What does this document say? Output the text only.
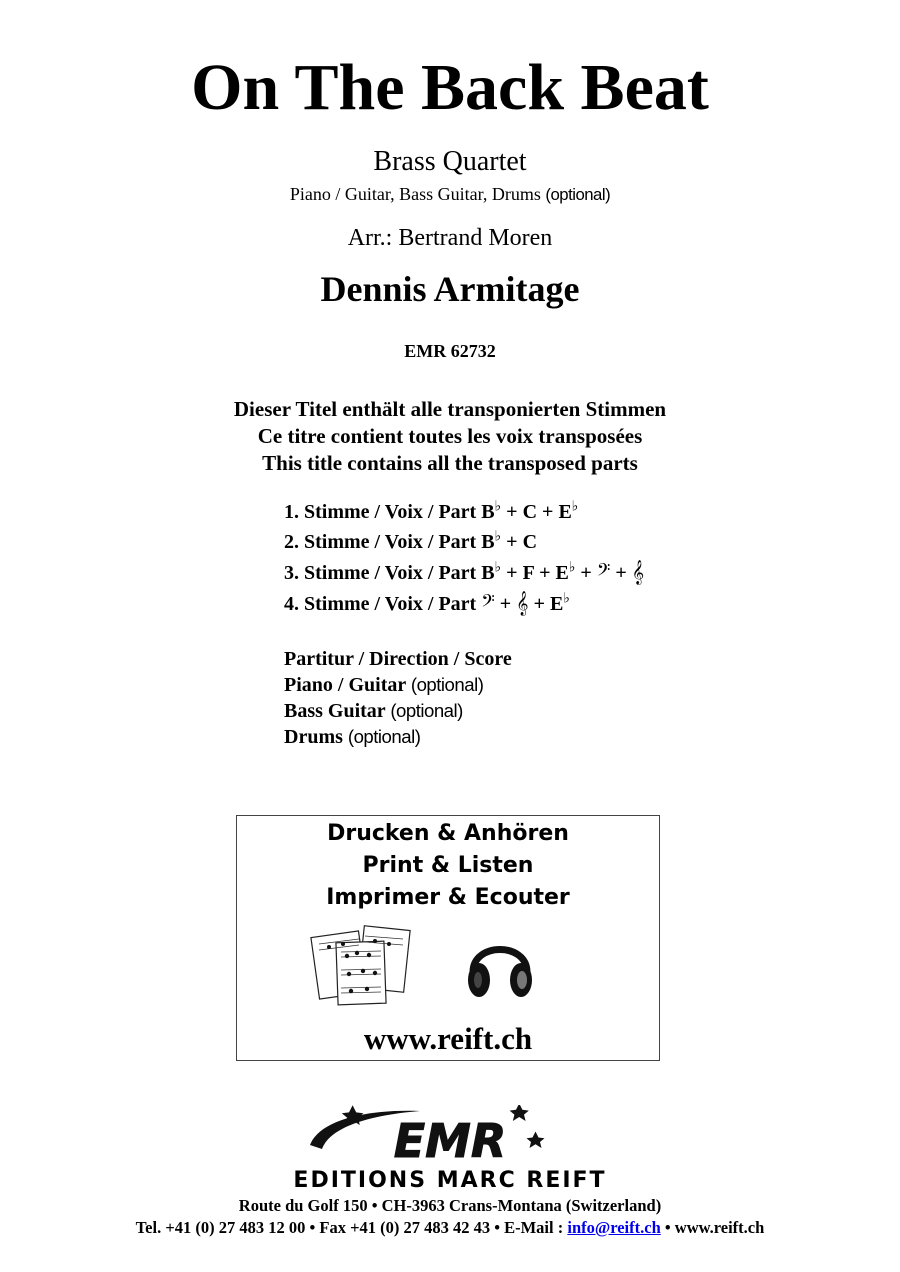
On The Back Beat
Brass Quartet
Piano / Guitar, Bass Guitar, Drums (optional)
Arr.: Bertrand Moren
Dennis Armitage
EMR 62732
Dieser Titel enthält alle transponierten Stimmen
Ce titre contient toutes les voix transposées
This title contains all the transposed parts
1. Stimme / Voix / Part B♭ + C + E♭
2. Stimme / Voix / Part B♭ + C
3. Stimme / Voix / Part B♭ + F + E♭ + 𝄢 + 𝄞
4. Stimme / Voix / Part 𝄢 + 𝄞 + E♭
Partitur / Direction / Score
Piano / Guitar (optional)
Bass Guitar (optional)
Drums (optional)
Drucken & Anhören
Print & Listen
Imprimer & Ecouter
www.reift.ch
EMR
EDITIONS MARC REIFT
Route du Golf 150 • CH-3963 Crans-Montana (Switzerland)
Tel. +41 (0) 27 483 12 00 • Fax +41 (0) 27 483 42 43 • E-Mail : info@reift.ch • www.reift.ch
